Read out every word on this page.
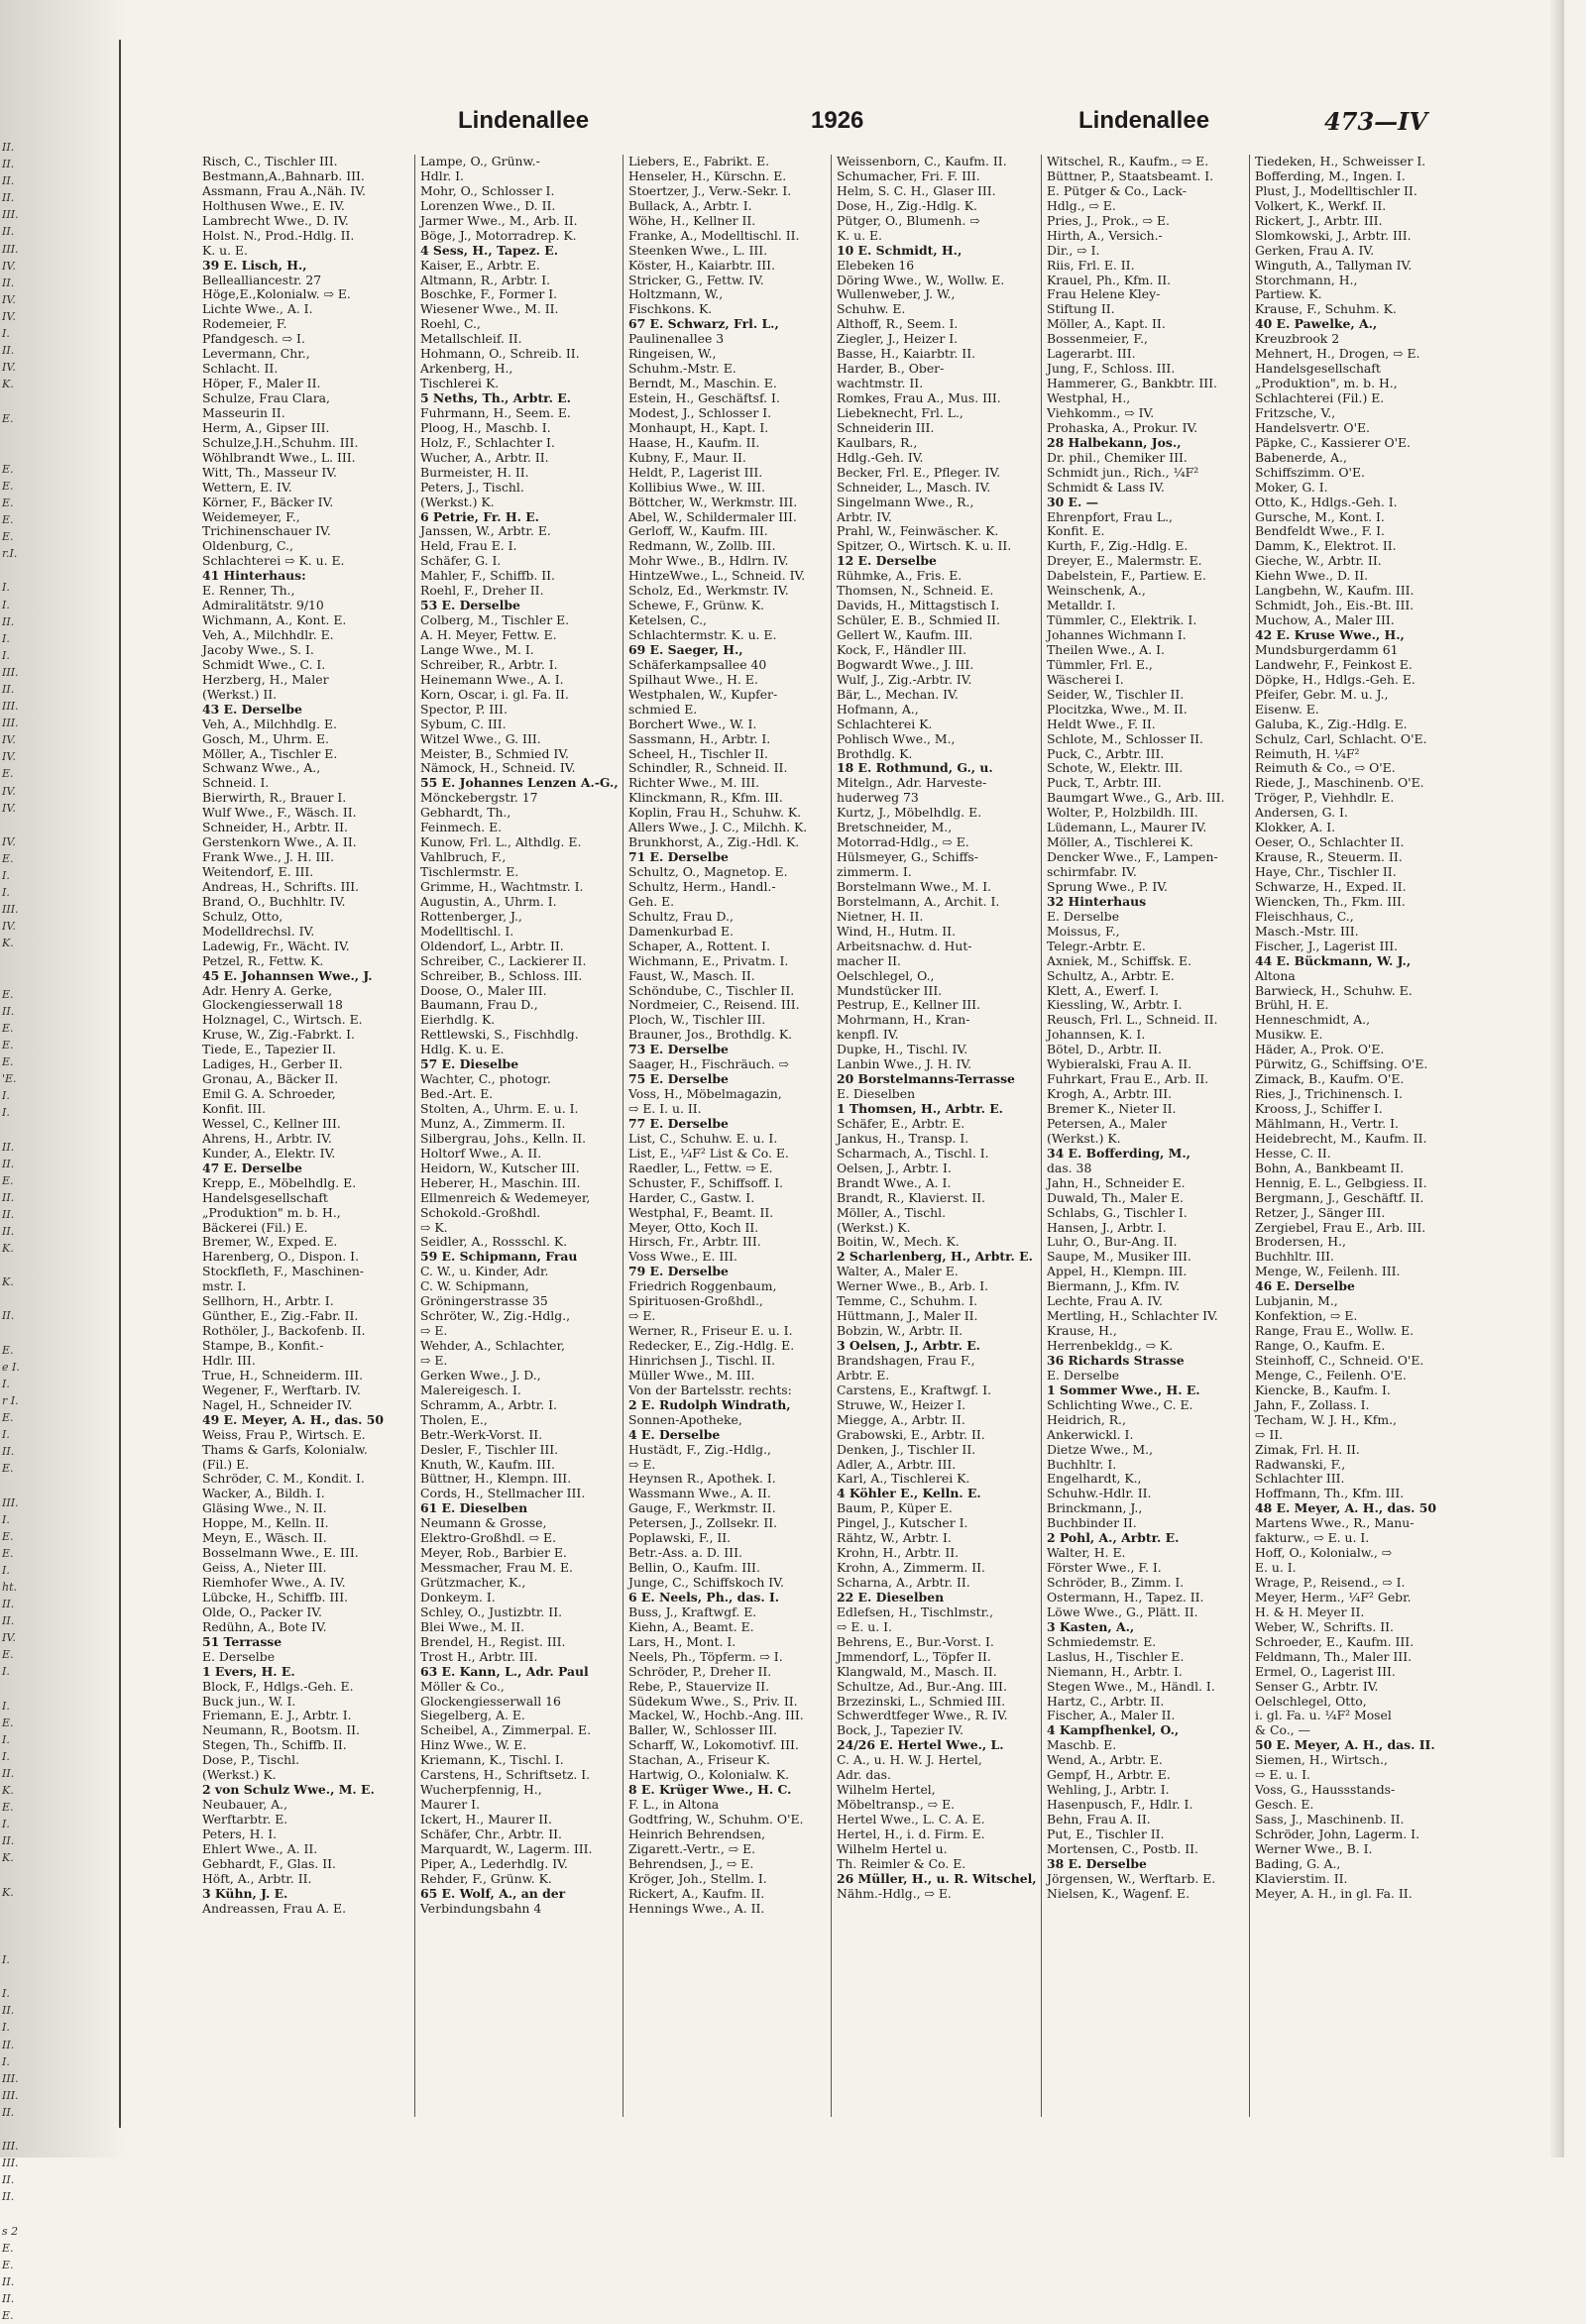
II.
II.
II.
II.
III.
II.
III.
IV.
II.
IV.
IV.
I.
II.
IV.
K.
E.
E.
E.
E.
E.
E.
r.I.
I.
I.
II.
I.
I.
III.
II.
III.
III.
IV.
IV.
E.
IV.
IV.
IV.
E.
I.
I.
III.
IV.
K.
E.
II.
E.
E.
E.
'E.
I.
I.
II.
II.
E.
II.
II.
II.
K.
K.
II.
E.
e I.
I.
r I.
E.
I.
II.
E.
III.
I.
E.
E.
I.
ht.
II.
II.
IV.
E.
I.
I.
E.
I.
I.
II.
K.
E.
I.
II.
K.
K.
I.
I.
II.
I.
II.
I.
III.
III.
II.
III.
III.
II.
II.
s 2
E.
E.
II.
II.
E.
Lindenallee	1926	Lindenallee	473—IV
Risch, C., Tischler III.
Bestmann,A.,Bahnarb. III.
Assmann, Frau A.,Näh. IV.
Holthusen Wwe., E. IV.
Lambrecht Wwe., D. IV.
Holst. N., Prod.-Hdlg. II.
K. u. E.
39 E. Lisch, H.,
Bellealliancestr. 27
Höge,E.,Kolonialw. ⇨ E.
Lichte Wwe., A. I.
Rodemeier, F.
Pfandgesch. ⇨ I.
Levermann, Chr.,
Schlacht. II.
Höper, F., Maler II.
Schulze, Frau Clara,
Masseurin II.
Herm, A., Gipser III.
Schulze,J.H.,Schuhm. III.
Wöhlbrandt Wwe., L. III.
Witt, Th., Masseur IV.
Wettern, E. IV.
Körner, F., Bäcker IV.
Weidemeyer, F.,
Trichinenschauer IV.
Oldenburg, C.,
Schlachterei ⇨ K. u. E.
41 Hinterhaus:
E. Renner, Th.,
Admiralitätstr. 9/10
Wichmann, A., Kont. E.
Veh, A., Milchhdlr. E.
Jacoby Wwe., S. I.
Schmidt Wwe., C. I.
Herzberg, H., Maler
(Werkst.) II.
43 E. Derselbe
Veh, A., Milchhdlg. E.
Gosch, M., Uhrm. E.
Möller, A., Tischler E.
Schwanz Wwe., A.,
Schneid. I.
Bierwirth, R., Brauer I.
Wulf Wwe., F., Wäsch. II.
Schneider, H., Arbtr. II.
Gerstenkorn Wwe., A. II.
Frank Wwe., J. H. III.
Weitendorf, E. III.
Andreas, H., Schrifts. III.
Brand, O., Buchhltr. IV.
Schulz, Otto,
Modelldrechsl. IV.
Ladewig, Fr., Wächt. IV.
Petzel, R., Fettw. K.
45 E. Johannsen Wwe., J.
Adr. Henry A. Gerke,
Glockengiesserwall 18
Holznagel, C., Wirtsch. E.
Kruse, W., Zig.-Fabrkt. I.
Tiede, E., Tapezier II.
Ladiges, H., Gerber II.
Gronau, A., Bäcker II.
Emil G. A. Schroeder,
Konfit. III.
Wessel, C., Kellner III.
Ahrens, H., Arbtr. IV.
Kunder, A., Elektr. IV.
47 E. Derselbe
Krepp, E., Möbelhdlg. E.
Handelsgesellschaft
„Produktion" m. b. H.,
Bäckerei (Fil.) E.
Bremer, W., Exped. E.
Harenberg, O., Dispon. I.
Stockfleth, F., Maschinen-
mstr. I.
Sellhorn, H., Arbtr. I.
Günther, E., Zig.-Fabr. II.
Rothöler, J., Backofenb. II.
Stampe, B., Konfit.-
Hdlr. III.
True, H., Schneiderm. III.
Wegener, F., Werftarb. IV.
Nagel, H., Schneider IV.
49 E. Meyer, A. H., das. 50
Weiss, Frau P., Wirtsch. E.
Thams & Garfs, Kolonialw.
(Fil.) E.
Schröder, C. M., Kondit. I.
Wacker, A., Bildh. I.
Gläsing Wwe., N. II.
Hoppe, M., Kelln. II.
Meyn, E., Wäsch. II.
Bosselmann Wwe., E. III.
Geiss, A., Nieter III.
Riemhofer Wwe., A. IV.
Lübcke, H., Schiffb. III.
Olde, O., Packer IV.
Redühn, A., Bote IV.
51 Terrasse
E. Derselbe
1 Evers, H. E.
Block, F., Hdlgs.-Geh. E.
Buck jun., W. I.
Friemann, E. J., Arbtr. I.
Neumann, R., Bootsm. II.
Stegen, Th., Schiffb. II.
Dose, P., Tischl.
(Werkst.) K.
2 von Schulz Wwe., M. E.
Neubauer, A.,
Werftarbtr. E.
Peters, H. I.
Ehlert Wwe., A. II.
Gebhardt, F., Glas. II.
Höft, A., Arbtr. II.
3 Kühn, J. E.
Andreassen, Frau A. E.
Lampe, O., Grünw.-
Hdlr. I.
Mohr, O., Schlosser I.
Lorenzen Wwe., D. II.
Jarmer Wwe., M., Arb. II.
Böge, J., Motorradrep. K.
4 Sess, H., Tapez. E.
Kaiser, E., Arbtr. E.
Altmann, R., Arbtr. I.
Boschke, F., Former I.
Wiesener Wwe., M. II.
Roehl, C.,
Metallschleif. II.
Hohmann, O., Schreib. II.
Arkenberg, H.,
Tischlerei K.
5 Neths, Th., Arbtr. E.
Fuhrmann, H., Seem. E.
Ploog, H., Maschb. I.
Holz, F., Schlachter I.
Wucher, A., Arbtr. II.
Burmeister, H. II.
Peters, J., Tischl.
(Werkst.) K.
6 Petrie, Fr. H. E.
Janssen, W., Arbtr. E.
Held, Frau E. I.
Schäfer, G. I.
Mahler, F., Schiffb. II.
Roehl, F., Dreher II.
53 E. Derselbe
Colberg, M., Tischler E.
A. H. Meyer, Fettw. E.
Lange Wwe., M. I.
Schreiber, R., Arbtr. I.
Heinemann Wwe., A. I.
Korn, Oscar, i. gl. Fa. II.
Spector, P. III.
Sybum, C. III.
Witzel Wwe., G. III.
Meister, B., Schmied IV.
Nämock, H., Schneid. IV.
55 E. Johannes Lenzen A.-G.,
Mönckebergstr. 17
Gebhardt, Th.,
Feinmech. E.
Kunow, Frl. L., Althdlg. E.
Vahlbruch, F.,
Tischlermstr. E.
Grimme, H., Wachtmstr. I.
Augustin, A., Uhrm. I.
Rottenberger, J.,
Modelltischl. I.
Oldendorf, L., Arbtr. II.
Schreiber, C., Lackierer II.
Schreiber, B., Schloss. III.
Doose, O., Maler III.
Baumann, Frau D.,
Eierhdlg. K.
Rettlewski, S., Fischhdlg.
Hdlg. K. u. E.
57 E. Dieselbe
Wachter, C., photogr.
Bed.-Art. E.
Stolten, A., Uhrm. E. u. I.
Munz, A., Zimmerm. II.
Silbergrau, Johs., Kelln. II.
Holtorf Wwe., A. II.
Heidorn, W., Kutscher III.
Heberer, H., Maschin. III.
Ellmenreich & Wedemeyer,
Schokold.-Großhdl.
⇨ K.
Seidler, A., Rossschl. K.
59 E. Schipmann, Frau
C. W., u. Kinder, Adr.
C. W. Schipmann,
Gröningerstrasse 35
Schröter, W., Zig.-Hdlg.,
⇨ E.
Wehder, A., Schlachter,
⇨ E.
Gerken Wwe., J. D.,
Malereigesch. I.
Schramm, A., Arbtr. I.
Tholen, E.,
Betr.-Werk-Vorst. II.
Desler, F., Tischler III.
Knuth, W., Kaufm. III.
Büttner, H., Klempn. III.
Cords, H., Stellmacher III.
61 E. Dieselben
Neumann & Grosse,
Elektro-Großhdl. ⇨ E.
Meyer, Rob., Barbier E.
Messmacher, Frau M. E.
Grützmacher, K.,
Donkeym. I.
Schley, O., Justizbtr. II.
Blei Wwe., M. II.
Brendel, H., Regist. III.
Trost H., Arbtr. III.
63 E. Kann, L., Adr. Paul
Möller & Co.,
Glockengiesserwall 16
Siegelberg, A. E.
Scheibel, A., Zimmerpal. E.
Hinz Wwe., W. E.
Kriemann, K., Tischl. I.
Carstens, H., Schriftsetz. I.
Wucherpfennig, H.,
Maurer I.
Ickert, H., Maurer II.
Schäfer, Chr., Arbtr. II.
Marquardt, W., Lagerm. III.
Piper, A., Lederhdlg. IV.
Rehder, F., Grünw. K.
65 E. Wolf, A., an der
Verbindungsbahn 4
Liebers, E., Fabrikt. E.
Henseler, H., Kürschn. E.
Stoertzer, J., Verw.-Sekr. I.
Bullack, A., Arbtr. I.
Wöhe, H., Kellner II.
Franke, A., Modelltischl. II.
Steenken Wwe., L. III.
Köster, H., Kaiarbtr. III.
Stricker, G., Fettw. IV.
Holtzmann, W.,
Fischkons. K.
67 E. Schwarz, Frl. L.,
Paulinenallee 3
Ringeisen, W.,
Schuhm.-Mstr. E.
Berndt, M., Maschin. E.
Estein, H., Geschäftsf. I.
Modest, J., Schlosser I.
Monhaupt, H., Kapt. I.
Haase, H., Kaufm. II.
Kubny, F., Maur. II.
Heldt, P., Lagerist III.
Kollibius Wwe., W. III.
Böttcher, W., Werkmstr. III.
Abel, W., Schildermaler III.
Gerloff, W., Kaufm. III.
Redmann, W., Zollb. III.
Mohr Wwe., B., Hdlrn. IV.
HintzeWwe., L., Schneid. IV.
Scholz, Ed., Werkmstr. IV.
Schewe, F., Grünw. K.
Ketelsen, C.,
Schlachtermstr. K. u. E.
69 E. Saeger, H.,
Schäferkampsallee 40
Spilhaut Wwe., H. E.
Westphalen, W., Kupfer-
schmied E.
Borchert Wwe., W. I.
Sassmann, H., Arbtr. I.
Scheel, H., Tischler II.
Schindler, R., Schneid. II.
Richter Wwe., M. III.
Klinckmann, R., Kfm. III.
Koplin, Frau H., Schuhw. K.
Allers Wwe., J. C., Milchh. K.
Brunkhorst, A., Zig.-Hdl. K.
71 E. Derselbe
Schultz, O., Magnetop. E.
Schultz, Herm., Handl.-
Geh. E.
Schultz, Frau D.,
Damenkurbad E.
Schaper, A., Rottent. I.
Wichmann, E., Privatm. I.
Faust, W., Masch. II.
Schöndube, C., Tischler II.
Nordmeier, C., Reisend. III.
Ploch, W., Tischler III.
Brauner, Jos., Brothdlg. K.
73 E. Derselbe
Saager, H., Fischräuch. ⇨
75 E. Derselbe
Voss, H., Möbelmagazin,
⇨ E. I. u. II.
77 E. Derselbe
List, C., Schuhw. E. u. I.
List, E., ¼F² List & Co. E.
Raedler, L., Fettw. ⇨ E.
Schuster, F., Schiffsoff. I.
Harder, C., Gastw. I.
Westphal, F., Beamt. II.
Meyer, Otto, Koch II.
Hirsch, Fr., Arbtr. III.
Voss Wwe., E. III.
79 E. Derselbe
Friedrich Roggenbaum,
Spirituosen-Großhdl.,
⇨ E.
Werner, R., Friseur E. u. I.
Redecker, E., Zig.-Hdlg. E.
Hinrichsen J., Tischl. II.
Müller Wwe., M. III.
Von der Bartelsstr. rechts:
2 E. Rudolph Windrath,
Sonnen-Apotheke,
4 E. Derselbe
Hustädt, F., Zig.-Hdlg.,
⇨ E.
Heynsen R., Apothek. I.
Wassmann Wwe., A. II.
Gauge, F., Werkmstr. II.
Petersen, J., Zollsekr. II.
Poplawski, F., II.
Betr.-Ass. a. D. III.
Bellin, O., Kaufm. III.
Junge, C., Schiffskoch IV.
6 E. Neels, Ph., das. I.
Buss, J., Kraftwgf. E.
Kiehn, A., Beamt. E.
Lars, H., Mont. I.
Neels, Ph., Töpferm. ⇨ I.
Schröder, P., Dreher II.
Rebe, P., Stauervize II.
Südekum Wwe., S., Priv. II.
Mackel, W., Hochb.-Ang. III.
Baller, W., Schlosser III.
Scharff, W., Lokomotivf. III.
Stachan, A., Friseur K.
Hartwig, O., Kolonialw. K.
8 E. Krüger Wwe., H. C.
F. L., in Altona
Godtfring, W., Schuhm. O'E.
Heinrich Behrendsen,
Zigarett.-Vertr., ⇨ E.
Behrendsen, J., ⇨ E.
Kröger, Joh., Stellm. I.
Rickert, A., Kaufm. II.
Hennings Wwe., A. II.
Weissenborn, C., Kaufm. II.
Schumacher, Fri. F. III.
Helm, S. C. H., Glaser III.
Dose, H., Zig.-Hdlg. K.
Pütger, O., Blumenh. ⇨
K. u. E.
10 E. Schmidt, H.,
Elebeken 16
Döring Wwe., W., Wollw. E.
Wullenweber, J. W.,
Schuhw. E.
Althoff, R., Seem. I.
Ziegler, J., Heizer I.
Basse, H., Kaiarbtr. II.
Harder, B., Ober-
wachtmstr. II.
Romkes, Frau A., Mus. III.
Liebeknecht, Frl. L.,
Schneiderin III.
Kaulbars, R.,
Hdlg.-Geh. IV.
Becker, Frl. E., Pfleger. IV.
Schneider, L., Masch. IV.
Singelmann Wwe., R.,
Arbtr. IV.
Prahl, W., Feinwäscher. K.
Spitzer, O., Wirtsch. K. u. II.
12 E. Derselbe
Rühmke, A., Fris. E.
Thomsen, N., Schneid. E.
Davids, H., Mittagstisch I.
Schüler, E. B., Schmied II.
Gellert W., Kaufm. III.
Kock, F., Händler III.
Bogwardt Wwe., J. III.
Wulf, J., Zig.-Arbtr. IV.
Bär, L., Mechan. IV.
Hofmann, A.,
Schlachterei K.
Pohlisch Wwe., M.,
Brothdlg. K.
18 E. Rothmund, G., u.
Mitelgn., Adr. Harveste-
huderweg 73
Kurtz, J., Möbelhdlg. E.
Bretschneider, M.,
Motorrad-Hdlg., ⇨ E.
Hülsmeyer, G., Schiffs-
zimmerm. I.
Borstelmann Wwe., M. I.
Borstelmann, A., Archit. I.
Nietner, H. II.
Wind, H., Hutm. II.
Arbeitsnachw. d. Hut-
macher II.
Oelschlegel, O.,
Mundstücker III.
Pestrup, E., Kellner III.
Mohrmann, H., Kran-
kenpfl. IV.
Dupke, H., Tischl. IV.
Lanbin Wwe., J. H. IV.
20 Borstelmanns-Terrasse
E. Dieselben
1 Thomsen, H., Arbtr. E.
Schäfer, E., Arbtr. E.
Jankus, H., Transp. I.
Scharmach, A., Tischl. I.
Oelsen, J., Arbtr. I.
Brandt Wwe., A. I.
Brandt, R., Klavierst. II.
Möller, A., Tischl.
(Werkst.) K.
Boitin, W., Mech. K.
2 Scharlenberg, H., Arbtr. E.
Walter, A., Maler E.
Werner Wwe., B., Arb. I.
Temme, C., Schuhm. I.
Hüttmann, J., Maler II.
Bobzin, W., Arbtr. II.
3 Oelsen, J., Arbtr. E.
Brandshagen, Frau F.,
Arbtr. E.
Carstens, E., Kraftwgf. I.
Struwe, W., Heizer I.
Miegge, A., Arbtr. II.
Grabowski, E., Arbtr. II.
Denken, J., Tischler II.
Adler, A., Arbtr. III.
Karl, A., Tischlerei K.
4 Köhler E., Kelln. E.
Baum, P., Küper E.
Pingel, J., Kutscher I.
Rähtz, W., Arbtr. I.
Krohn, H., Arbtr. II.
Krohn, A., Zimmerm. II.
Scharna, A., Arbtr. II.
22 E. Dieselben
Edlefsen, H., Tischlmstr.,
⇨ E. u. I.
Behrens, E., Bur.-Vorst. I.
Jmmendorf, L., Töpfer II.
Klangwald, M., Masch. II.
Schultze, Ad., Bur.-Ang. III.
Brzezinski, L., Schmied III.
Schwerdtfeger Wwe., R. IV.
Bock, J., Tapezier IV.
24/26 E. Hertel Wwe., L.
C. A., u. H. W. J. Hertel,
Adr. das.
Wilhelm Hertel,
Möbeltransp., ⇨ E.
Hertel Wwe., L. C. A. E.
Hertel, H., i. d. Firm. E.
Wilhelm Hertel u.
Th. Reimler & Co. E.
26 Müller, H., u. R. Witschel,
Nähm.-Hdlg., ⇨ E.
Witschel, R., Kaufm., ⇨ E.
Büttner, P., Staatsbeamt. I.
E. Pütger & Co., Lack-
Hdlg., ⇨ E.
Pries, J., Prok., ⇨ E.
Hirth, A., Versich.-
Dir., ⇨ I.
Riis, Frl. E. II.
Krauel, Ph., Kfm. II.
Frau Helene Kley-
Stiftung II.
Möller, A., Kapt. II.
Bossenmeier, F.,
Lagerarbt. III.
Jung, F., Schloss. III.
Hammerer, G., Bankbtr. III.
Westphal, H.,
Viehkomm., ⇨ IV.
Prohaska, A., Prokur. IV.
28 Halbekann, Jos.,
Dr. phil., Chemiker III.
Schmidt jun., Rich., ¼F²
Schmidt & Lass IV.
30 E. —
Ehrenpfort, Frau L.,
Konfit. E.
Kurth, F., Zig.-Hdlg. E.
Dreyer, E., Malermstr. E.
Dabelstein, F., Partiew. E.
Weinschenk, A.,
Metalldr. I.
Tümmler, C., Elektrik. I.
Johannes Wichmann I.
Theilen Wwe., A. I.
Tümmler, Frl. E.,
Wäscherei I.
Seider, W., Tischler II.
Plocitzka, Wwe., M. II.
Heldt Wwe., F. II.
Schlote, M., Schlosser II.
Puck, C., Arbtr. III.
Schote, W., Elektr. III.
Puck, T., Arbtr. III.
Baumgart Wwe., G., Arb. III.
Wolter, P., Holzbildh. III.
Lüdemann, L., Maurer IV.
Möller, A., Tischlerei K.
Dencker Wwe., F., Lampen-
schirmfabr. IV.
Sprung Wwe., P. IV.
32 Hinterhaus
E. Derselbe
Moissus, F.,
Telegr.-Arbtr. E.
Axniek, M., Schiffsk. E.
Schultz, A., Arbtr. E.
Klett, A., Ewerf. I.
Kiessling, W., Arbtr. I.
Reusch, Frl. L., Schneid. II.
Johannsen, K. I.
Bötel, D., Arbtr. II.
Wybieralski, Frau A. II.
Fuhrkart, Frau E., Arb. II.
Krogh, A., Arbtr. III.
Bremer K., Nieter II.
Petersen, A., Maler
(Werkst.) K.
34 E. Bofferding, M.,
das. 38
Jahn, H., Schneider E.
Duwald, Th., Maler E.
Schlabs, G., Tischler I.
Hansen, J., Arbtr. I.
Luhr, O., Bur-Ang. II.
Saupe, M., Musiker III.
Appel, H., Klempn. III.
Biermann, J., Kfm. IV.
Lechte, Frau A. IV.
Mertling, H., Schlachter IV.
Krause, H.,
Herrenbekldg., ⇨ K.
36 Richards Strasse
E. Derselbe
1 Sommer Wwe., H. E.
Schlichting Wwe., C. E.
Heidrich, R.,
Ankerwickl. I.
Dietze Wwe., M.,
Buchhltr. I.
Engelhardt, K.,
Schuhw.-Hdlr. II.
Brinckmann, J.,
Buchbinder II.
2 Pohl, A., Arbtr. E.
Walter, H. E.
Förster Wwe., F. I.
Schröder, B., Zimm. I.
Ostermann, H., Tapez. II.
Löwe Wwe., G., Plätt. II.
3 Kasten, A.,
Schmiedemstr. E.
Laslus, H., Tischler E.
Niemann, H., Arbtr. I.
Stegen Wwe., M., Händl. I.
Hartz, C., Arbtr. II.
Fischer, A., Maler II.
4 Kampfhenkel, O.,
Maschb. E.
Wend, A., Arbtr. E.
Gempf, H., Arbtr. E.
Wehling, J., Arbtr. I.
Hasenpusch, F., Hdlr. I.
Behn, Frau A. II.
Put, E., Tischler II.
Mortensen, C., Postb. II.
38 E. Derselbe
Jörgensen, W., Werftarb. E.
Nielsen, K., Wagenf. E.
Tiedeken, H., Schweisser I.
Bofferding, M., Ingen. I.
Plust, J., Modelltischler II.
Volkert, K., Werkf. II.
Rickert, J., Arbtr. III.
Slomkowski, J., Arbtr. III.
Gerken, Frau A. IV.
Winguth, A., Tallyman IV.
Storchmann, H.,
Partiew. K.
Krause, F., Schuhm. K.
40 E. Pawelke, A.,
Kreuzbrook 2
Mehnert, H., Drogen, ⇨ E.
Handelsgesellschaft
„Produktion", m. b. H.,
Schlachterei (Fil.) E.
Fritzsche, V.,
Handelsvertr. O'E.
Päpke, C., Kassierer O'E.
Babenerde, A.,
Schiffszimm. O'E.
Moker, G. I.
Otto, K., Hdlgs.-Geh. I.
Gursche, M., Kont. I.
Bendfeldt Wwe., F. I.
Damm, K., Elektrot. II.
Gieche, W., Arbtr. II.
Kiehn Wwe., D. II.
Langbehn, W., Kaufm. III.
Schmidt, Joh., Eis.-Bt. III.
Muchow, A., Maler III.
42 E. Kruse Wwe., H.,
Mundsburgerdamm 61
Landwehr, F., Feinkost E.
Döpke, H., Hdlgs.-Geh. E.
Pfeifer, Gebr. M. u. J.,
Eisenw. E.
Galuba, K., Zig.-Hdlg. E.
Schulz, Carl, Schlacht. O'E.
Reimuth, H. ¼F²
Reimuth & Co., ⇨ O'E.
Riede, J., Maschinenb. O'E.
Tröger, P., Viehhdlr. E.
Andersen, G. I.
Klokker, A. I.
Oeser, O., Schlachter II.
Krause, R., Steuerm. II.
Haye, Chr., Tischler II.
Schwarze, H., Exped. II.
Wiencken, Th., Fkm. III.
Fleischhaus, C.,
Masch.-Mstr. III.
Fischer, J., Lagerist III.
44 E. Bückmann, W. J.,
Altona
Barwieck, H., Schuhw. E.
Brühl, H. E.
Henneschmidt, A.,
Musikw. E.
Häder, A., Prok. O'E.
Pürwitz, G., Schiffsing. O'E.
Zimack, B., Kaufm. O'E.
Ries, J., Trichinensch. I.
Krooss, J., Schiffer I.
Mählmann, H., Vertr. I.
Heidebrecht, M., Kaufm. II.
Hesse, C. II.
Bohn, A., Bankbeamt II.
Hennig, E. L., Gelbgiess. II.
Bergmann, J., Geschäftf. II.
Retzer, J., Sänger III.
Zergiebel, Frau E., Arb. III.
Brodersen, H.,
Buchhltr. III.
Menge, W., Feilenh. III.
46 E. Derselbe
Lubjanin, M.,
Konfektion, ⇨ E.
Range, Frau E., Wollw. E.
Range, O., Kaufm. E.
Steinhoff, C., Schneid. O'E.
Menge, C., Feilenh. O'E.
Kiencke, B., Kaufm. I.
Jahn, F., Zollass. I.
Techam, W. J. H., Kfm.,
⇨ II.
Zimak, Frl. H. II.
Radwanski, F.,
Schlachter III.
Hoffmann, Th., Kfm. III.
48 E. Meyer, A. H., das. 50
Martens Wwe., R., Manu-
fakturw., ⇨ E. u. I.
Hoff, O., Kolonialw., ⇨
E. u. I.
Wrage, P., Reisend., ⇨ I.
Meyer, Herm., ¼F² Gebr.
H. & H. Meyer II.
Weber, W., Schrifts. II.
Schroeder, E., Kaufm. III.
Feldmann, Th., Maler III.
Ermel, O., Lagerist III.
Senser G., Arbtr. IV.
Oelschlegel, Otto,
i. gl. Fa. u. ¼F² Mosel
& Co., —
50 E. Meyer, A. H., das. II.
Siemen, H., Wirtsch.,
⇨ E. u. I.
Voss, G., Haussstands-
Gesch. E.
Sass, J., Maschinenb. II.
Schröder, John, Lagerm. I.
Werner Wwe., B. I.
Bading, G. A.,
Klavierstim. II.
Meyer, A. H., in gl. Fa. II.
